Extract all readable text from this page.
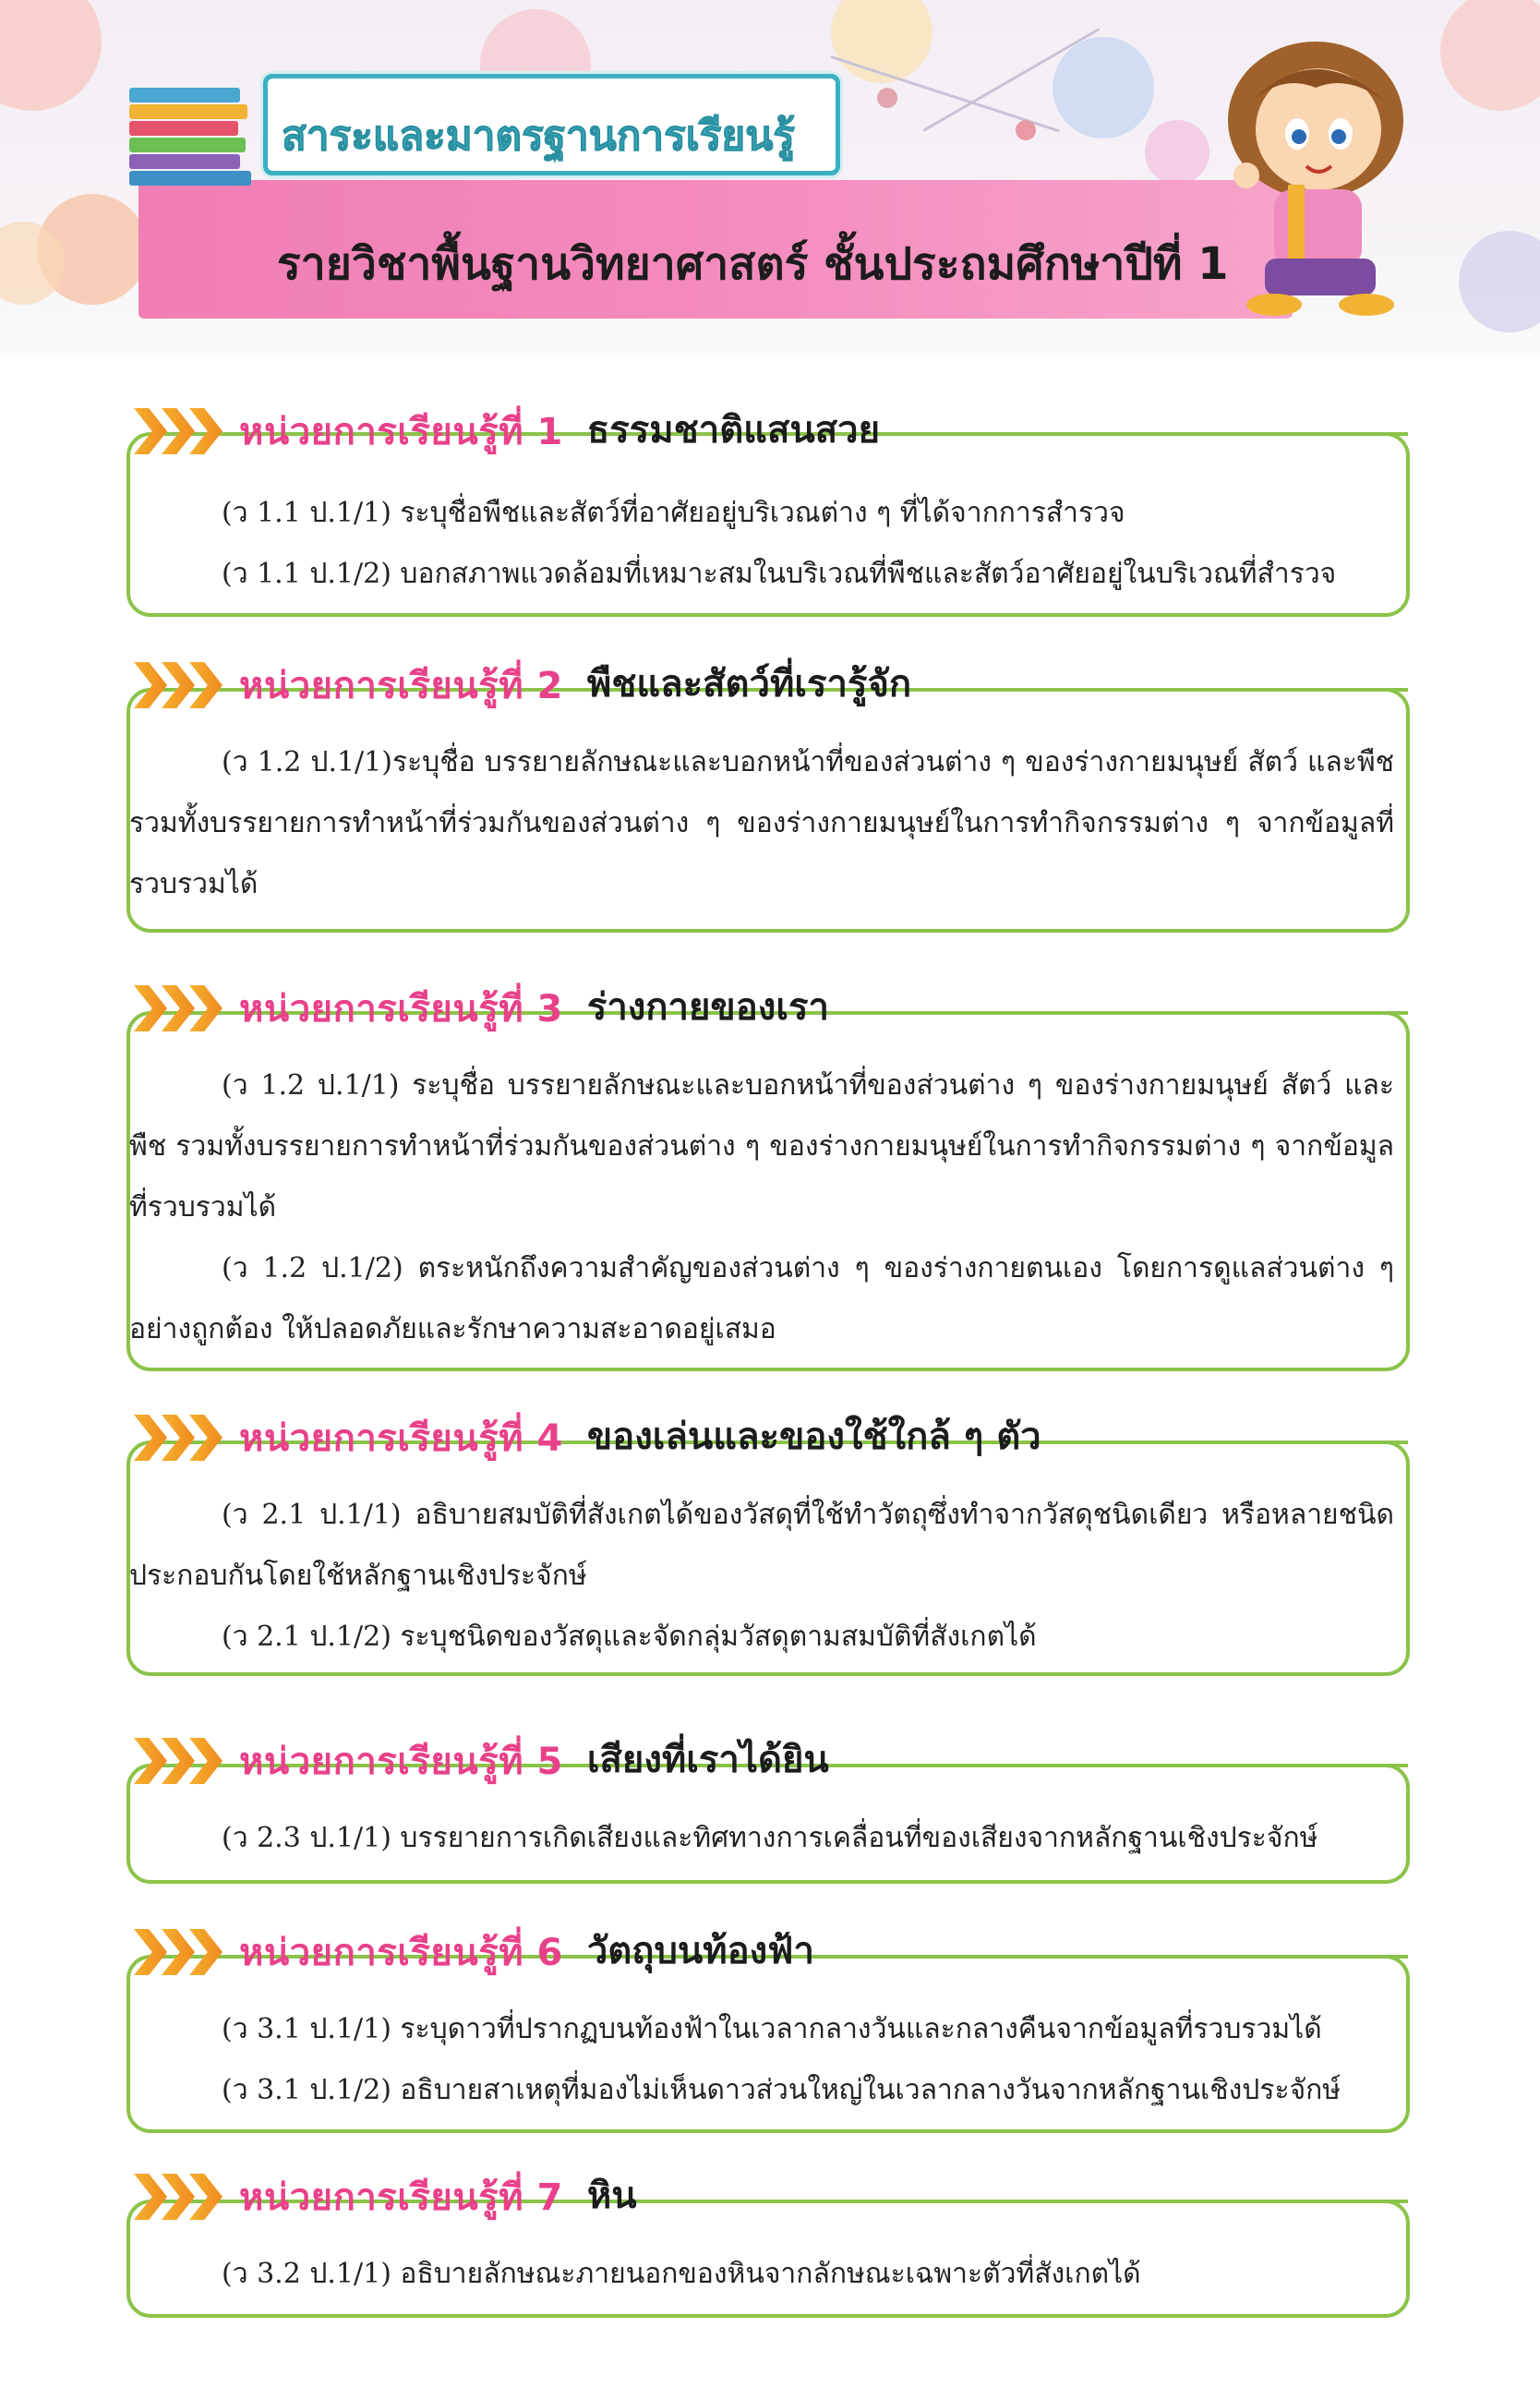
สาระและมาตรฐานการเรียนรู้
รายวิชาพื้นฐานวิทยาศาสตร์ ชั้นประถมศึกษาปีที่ 1
หน่วยการเรียนรู้ที่ 1 ธรรมชาติแสนสวย

(ว 1.1 ป.1/1) ระบุชื่อพืชและสัตว์ที่อาศัยอยู่บริเวณต่าง ๆ ที่ได้จากการสำรวจ

(ว 1.1 ป.1/2) บอกสภาพแวดล้อมที่เหมาะสมในบริเวณที่พืชและสัตว์อาศัยอยู่ในบริเวณที่สำรวจ

หน่วยการเรียนรู้ที่ 2 พืชและสัตว์ที่เรารู้จัก

(ว 1.2 ป.1/1)ระบุชื่อ บรรยายลักษณะและบอกหน้าที่ของส่วนต่าง ๆ ของร่างกายมนุษย์ สัตว์ และพืช รวมทั้งบรรยายการทำหน้าที่ร่วมกันของส่วนต่าง ๆ ของร่างกายมนุษย์ในการทำกิจกรรมต่าง ๆ จากข้อมูลที่รวบรวมได้

หน่วยการเรียนรู้ที่ 3 ร่างกายของเรา

(ว 1.2 ป.1/1) ระบุชื่อ บรรยายลักษณะและบอกหน้าที่ของส่วนต่าง ๆ ของร่างกายมนุษย์ สัตว์ และพืช รวมทั้งบรรยายการทำหน้าที่ร่วมกันของส่วนต่าง ๆ ของร่างกายมนุษย์ในการทำกิจกรรมต่าง ๆ จากข้อมูลที่รวบรวมได้

(ว 1.2 ป.1/2) ตระหนักถึงความสำคัญของส่วนต่าง ๆ ของร่างกายตนเอง โดยการดูแลส่วนต่าง ๆ อย่างถูกต้อง ให้ปลอดภัยและรักษาความสะอาดอยู่เสมอ

หน่วยการเรียนรู้ที่ 4 ของเล่นและของใช้ใกล้ ๆ ตัว

(ว 2.1 ป.1/1) อธิบายสมบัติที่สังเกตได้ของวัสดุที่ใช้ทำวัตถุซึ่งทำจากวัสดุชนิดเดียว หรือหลายชนิดประกอบกันโดยใช้หลักฐานเชิงประจักษ์

(ว 2.1 ป.1/2) ระบุชนิดของวัสดุและจัดกลุ่มวัสดุตามสมบัติที่สังเกตได้

หน่วยการเรียนรู้ที่ 5 เสียงที่เราได้ยิน

(ว 2.3 ป.1/1) บรรยายการเกิดเสียงและทิศทางการเคลื่อนที่ของเสียงจากหลักฐานเชิงประจักษ์

หน่วยการเรียนรู้ที่ 6 วัตถุบนท้องฟ้า

(ว 3.1 ป.1/1) ระบุดาวที่ปรากฏบนท้องฟ้าในเวลากลางวันและกลางคืนจากข้อมูลที่รวบรวมได้

(ว 3.1 ป.1/2) อธิบายสาเหตุที่มองไม่เห็นดาวส่วนใหญ่ในเวลากลางวันจากหลักฐานเชิงประจักษ์

หน่วยการเรียนรู้ที่ 7 หิน

(ว 3.2 ป.1/1) อธิบายลักษณะภายนอกของหินจากลักษณะเฉพาะตัวที่สังเกตได้
